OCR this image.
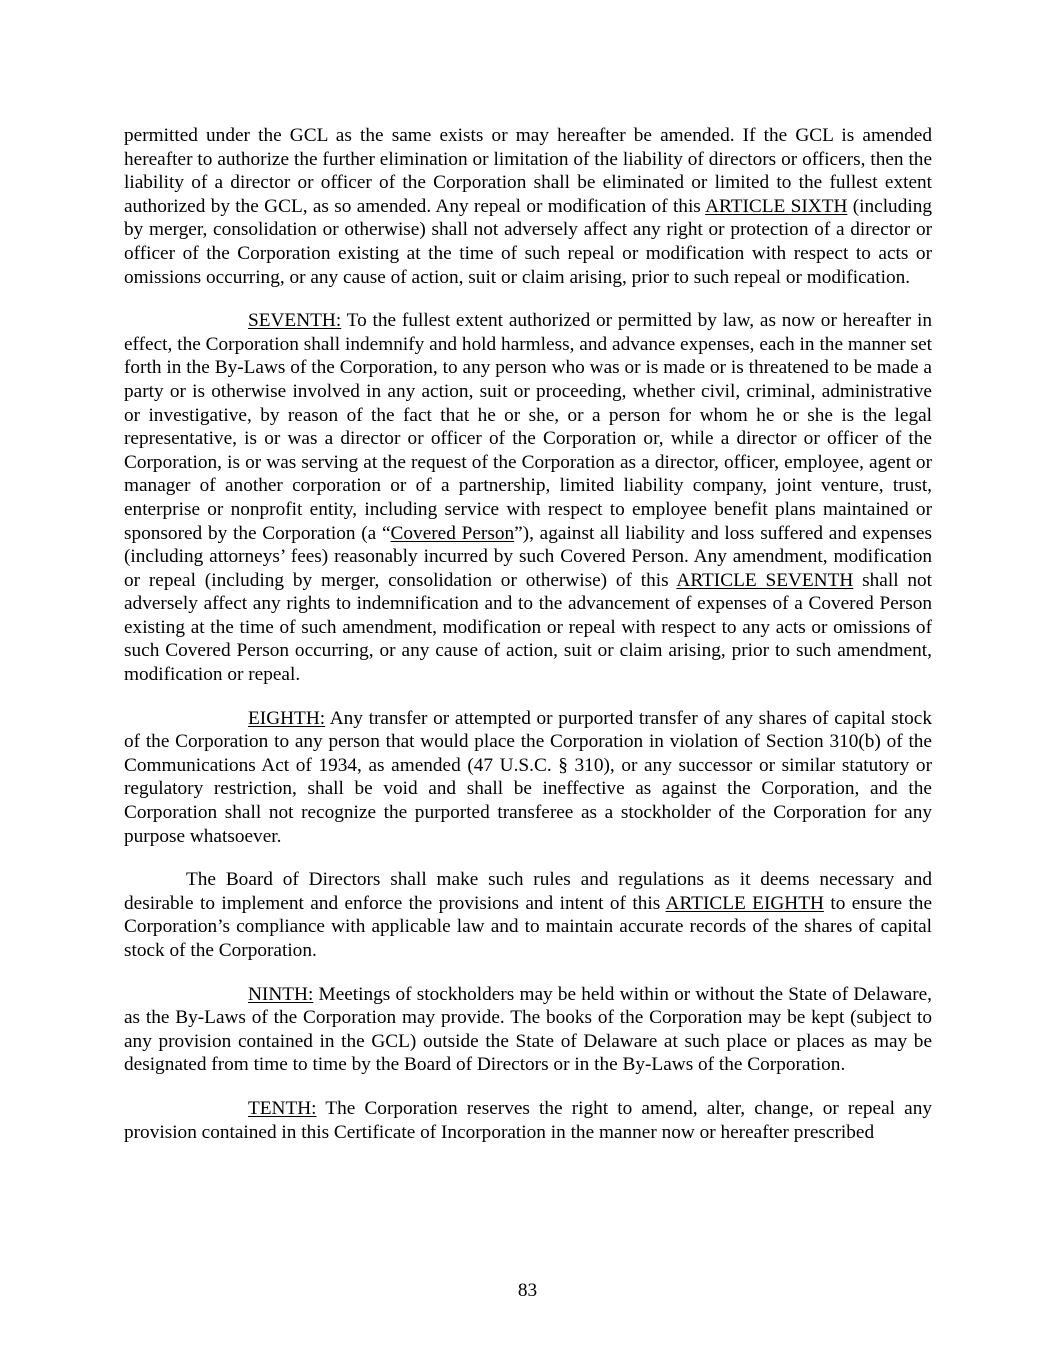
permitted under the GCL as the same exists or may hereafter be amended. If the GCL is amended hereafter to authorize the further elimination or limitation of the liability of directors or officers, then the liability of a director or officer of the Corporation shall be eliminated or limited to the fullest extent authorized by the GCL, as so amended. Any repeal or modification of this ARTICLE SIXTH (including by merger, consolidation or otherwise) shall not adversely affect any right or protection of a director or officer of the Corporation existing at the time of such repeal or modification with respect to acts or omissions occurring, or any cause of action, suit or claim arising, prior to such repeal or modification.

SEVENTH: To the fullest extent authorized or permitted by law, as now or hereafter in effect, the Corporation shall indemnify and hold harmless, and advance expenses, each in the manner set forth in the By-Laws of the Corporation, to any person who was or is made or is threatened to be made a party or is otherwise involved in any action, suit or proceeding, whether civil, criminal, administrative or investigative, by reason of the fact that he or she, or a person for whom he or she is the legal representative, is or was a director or officer of the Corporation or, while a director or officer of the Corporation, is or was serving at the request of the Corporation as a director, officer, employee, agent or manager of another corporation or of a partnership, limited liability company, joint venture, trust, enterprise or nonprofit entity, including service with respect to employee benefit plans maintained or sponsored by the Corporation (a “Covered Person”), against all liability and loss suffered and expenses (including attorneys’ fees) reasonably incurred by such Covered Person. Any amendment, modification or repeal (including by merger, consolidation or otherwise) of this ARTICLE SEVENTH shall not adversely affect any rights to indemnification and to the advancement of expenses of a Covered Person existing at the time of such amendment, modification or repeal with respect to any acts or omissions of such Covered Person occurring, or any cause of action, suit or claim arising, prior to such amendment, modification or repeal.

EIGHTH: Any transfer or attempted or purported transfer of any shares of capital stock of the Corporation to any person that would place the Corporation in violation of Section 310(b) of the Communications Act of 1934, as amended (47 U.S.C. § 310), or any successor or similar statutory or regulatory restriction, shall be void and shall be ineffective as against the Corporation, and the Corporation shall not recognize the purported transferee as a stockholder of the Corporation for any purpose whatsoever.

The Board of Directors shall make such rules and regulations as it deems necessary and desirable to implement and enforce the provisions and intent of this ARTICLE EIGHTH to ensure the Corporation’s compliance with applicable law and to maintain accurate records of the shares of capital stock of the Corporation.

NINTH: Meetings of stockholders may be held within or without the State of Delaware, as the By-Laws of the Corporation may provide. The books of the Corporation may be kept (subject to any provision contained in the GCL) outside the State of Delaware at such place or places as may be designated from time to time by the Board of Directors or in the By-Laws of the Corporation.

TENTH: The Corporation reserves the right to amend, alter, change, or repeal any provision contained in this Certificate of Incorporation in the manner now or hereafter prescribed

83
